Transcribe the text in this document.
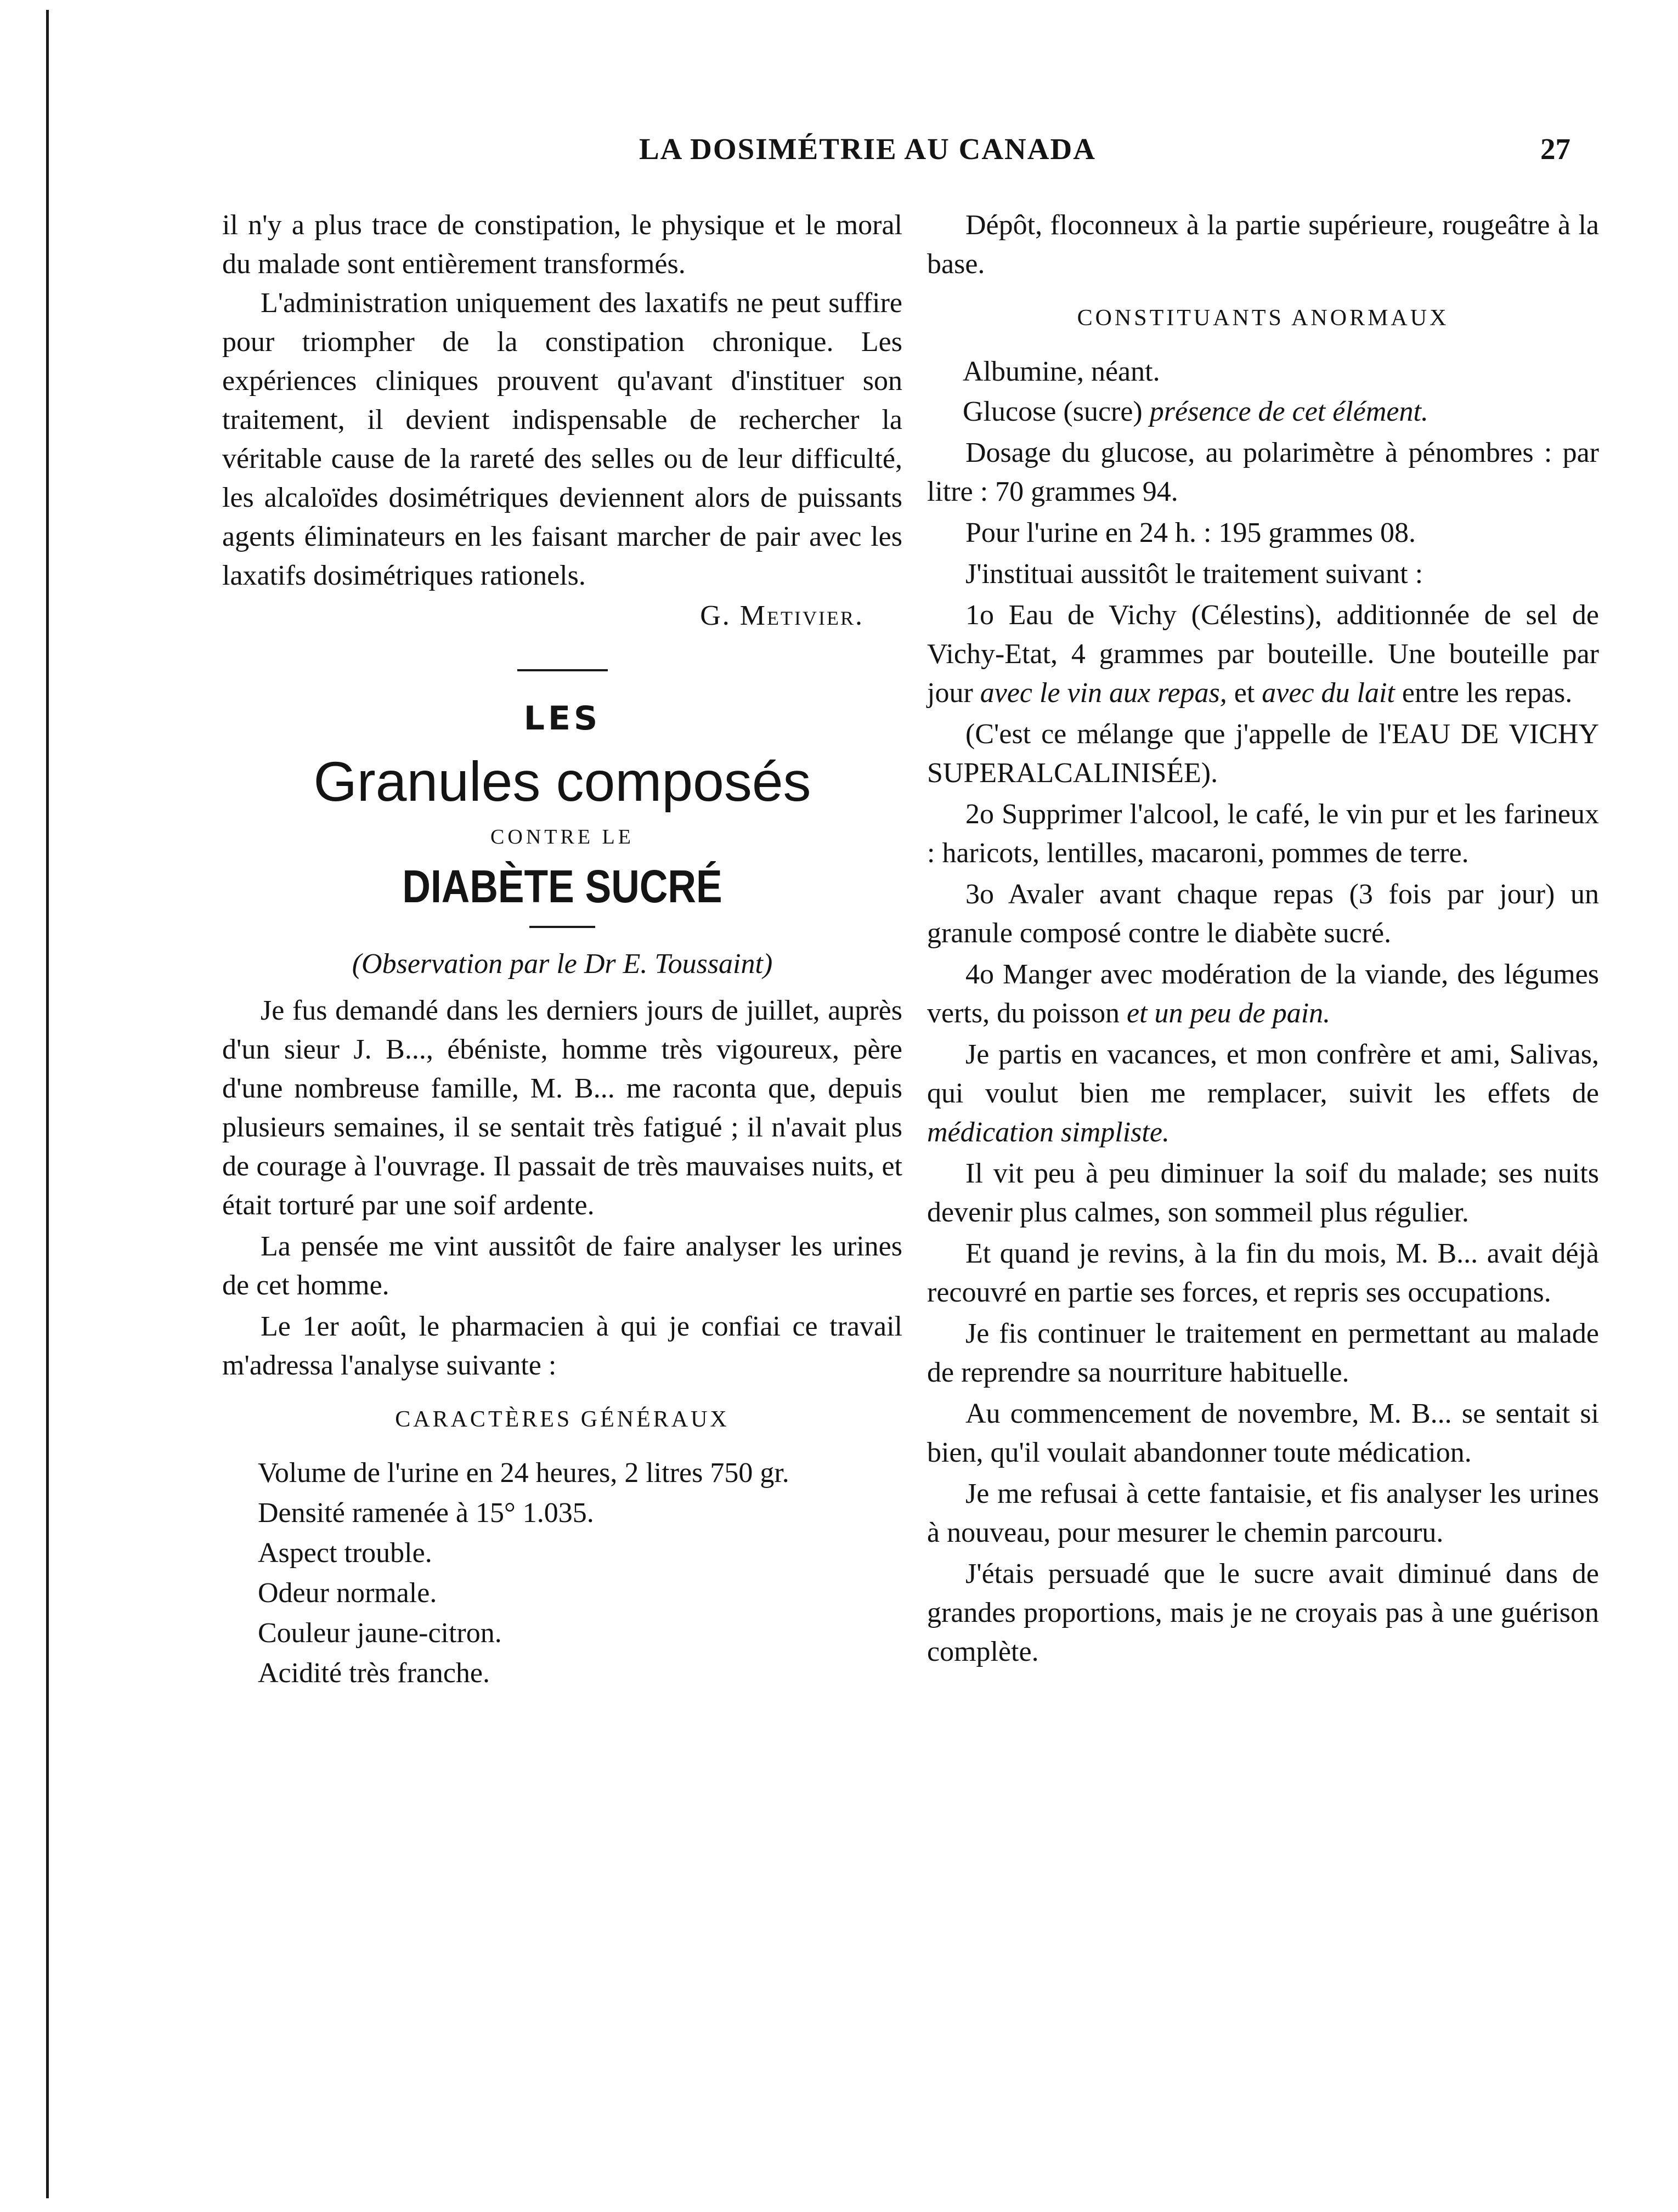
LA DOSIMÉTRIE AU CANADA	27

il n'y a plus trace de constipation, le physique et le moral du malade sont entièrement transformés.

L'administration uniquement des laxatifs ne peut suffire pour triompher de la constipation chronique. Les expériences cliniques prouvent qu'avant d'instituer son traitement, il devient indispensable de rechercher la véritable cause de la rareté des selles ou de leur difficulté, les alcaloïdes dosimétriques deviennent alors de puissants agents éliminateurs en les faisant marcher de pair avec les laxatifs dosimétriques rationels.

G. Metivier.
LES
Granules composés
CONTRE LE
DIABÈTE SUCRÉ
(Observation par le Dr E. Toussaint)

Je fus demandé dans les derniers jours de juillet, auprès d'un sieur J. B..., ébéniste, homme très vigoureux, père d'une nombreuse famille, M. B... me raconta que, depuis plusieurs semaines, il se sentait très fatigué ; il n'avait plus de courage à l'ouvrage. Il passait de très mauvaises nuits, et était torturé par une soif ardente.

La pensée me vint aussitôt de faire analyser les urines de cet homme.

Le 1er août, le pharmacien à qui je confiai ce travail m'adressa l'analyse suivante :

CARACTÈRES GÉNÉRAUX

Volume de l'urine en 24 heures, 2 litres 750 gr.

Densité ramenée à 15° 1.035.

Aspect trouble.

Odeur normale.

Couleur jaune-citron.

Acidité très franche.

Dépôt, floconneux à la partie supérieure, rougeâtre à la base.

CONSTITUANTS ANORMAUX

Albumine, néant.

Glucose (sucre) présence de cet élément.

Dosage du glucose, au polarimètre à pénombres : par litre : 70 grammes 94.

Pour l'urine en 24 h. : 195 grammes 08.

J'instituai aussitôt le traitement suivant :

1o Eau de Vichy (Célestins), additionnée de sel de Vichy-Etat, 4 grammes par bouteille. Une bouteille par jour avec le vin aux repas, et avec du lait entre les repas.

(C'est ce mélange que j'appelle de l'EAU DE VICHY SUPERALCALINISÉE).

2o Supprimer l'alcool, le café, le vin pur et les farineux : haricots, lentilles, macaroni, pommes de terre.

3o Avaler avant chaque repas (3 fois par jour) un granule composé contre le diabète sucré.

4o Manger avec modération de la viande, des légumes verts, du poisson et un peu de pain.

Je partis en vacances, et mon confrère et ami, Salivas, qui voulut bien me remplacer, suivit les effets de médication simpliste.

Il vit peu à peu diminuer la soif du malade; ses nuits devenir plus calmes, son sommeil plus régulier.

Et quand je revins, à la fin du mois, M. B... avait déjà recouvré en partie ses forces, et repris ses occupations.

Je fis continuer le traitement en permettant au malade de reprendre sa nourriture habituelle.

Au commencement de novembre, M. B... se sentait si bien, qu'il voulait abandonner toute médication.

Je me refusai à cette fantaisie, et fis analyser les urines à nouveau, pour mesurer le chemin parcouru.

J'étais persuadé que le sucre avait diminué dans de grandes proportions, mais je ne croyais pas à une guérison complète.
